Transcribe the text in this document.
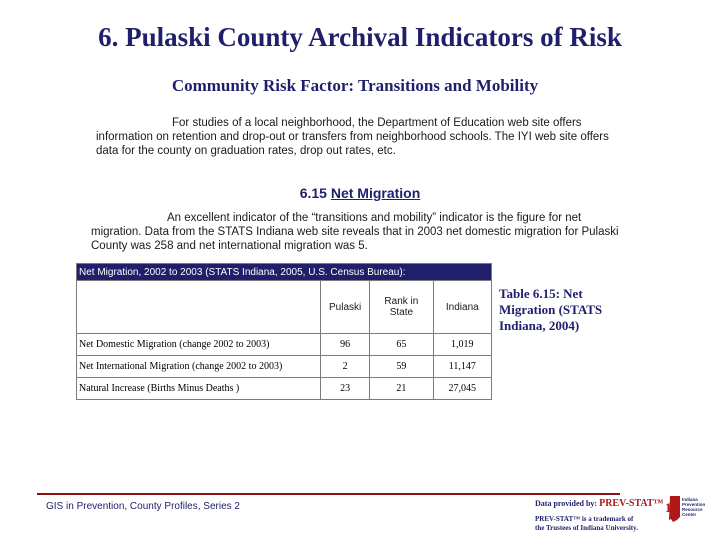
6. Pulaski County Archival Indicators of Risk
Community Risk Factor: Transitions and Mobility
For studies of a local neighborhood, the Department of Education web site offers information on retention and drop-out or transfers from neighborhood schools. The IYI web site offers data for the county on graduation rates, drop out rates, etc.
6.15 Net Migration
An excellent indicator of the “transitions and mobility” indicator is the figure for net migration. Data from the STATS Indiana web site reveals that in 2003 net domestic migration for Pulaski County was 258 and net international migration was 5.
Net Migration, 2002 to 2003 (STATS Indiana, 2005, U.S. Census Bureau):			
	Pulaski	Rank in State	Indiana
Net Domestic Migration (change 2002 to 2003)	96	65	1,019
Net International Migration (change 2002 to 2003)	2	59	11,147
Natural Increase (Births Minus Deaths )	23	21	27,045
Table 6.15: Net Migration (STATS Indiana, 2004)
GIS in Prevention, County Profiles, Series 2	Data provided by: PREV-STAT™
PREV-STAT™ is a trademark of
the Trustees of Indiana University.
12
Indiana Prevention Resource Center
